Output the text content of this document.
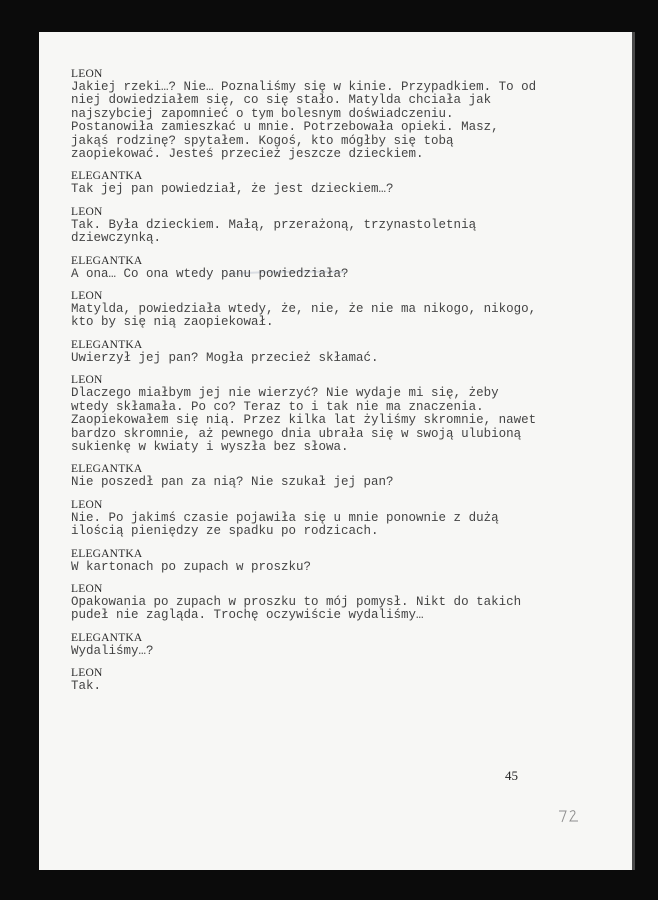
LEON
Jakiej rzeki…? Nie… Poznaliśmy się w kinie. Przypadkiem. To od
niej dowiedziałem się, co się stało. Matylda chciała jak
najszybciej zapomnieć o tym bolesnym doświadczeniu.
Postanowiła zamieszkać u mnie. Potrzebowała opieki. Masz,
jakąś rodzinę? spytałem. Kogoś, kto mógłby się tobą
zaopiekować. Jesteś przecież jeszcze dzieckiem.
ELEGANTKA
Tak jej pan powiedział, że jest dzieckiem…?
LEON
Tak. Była dzieckiem. Małą, przerażoną, trzynastoletnią
dziewczynką.
ELEGANTKA
A ona… Co ona wtedy panu powiedziała?
LEON
Matylda, powiedziała wtedy, że, nie, że nie ma nikogo, nikogo,
kto by się nią zaopiekował.
ELEGANTKA
Uwierzył jej pan? Mogła przecież skłamać.
LEON
Dlaczego miałbym jej nie wierzyć? Nie wydaje mi się, żeby
wtedy skłamała. Po co? Teraz to i tak nie ma znaczenia.
Zaopiekowałem się nią. Przez kilka lat żyliśmy skromnie, nawet
bardzo skromnie, aż pewnego dnia ubrała się w swoją ulubioną
sukienkę w kwiaty i wyszła bez słowa.
ELEGANTKA
Nie poszedł pan za nią? Nie szukał jej pan?
LEON
Nie. Po jakimś czasie pojawiła się u mnie ponownie z dużą
ilością pieniędzy ze spadku po rodzicach.
ELEGANTKA
W kartonach po zupach w proszku?
LEON
Opakowania po zupach w proszku to mój pomysł. Nikt do takich
pudeł nie zagląda. Trochę oczywiście wydaliśmy…
ELEGANTKA
Wydaliśmy…?
LEON
Tak.
45
